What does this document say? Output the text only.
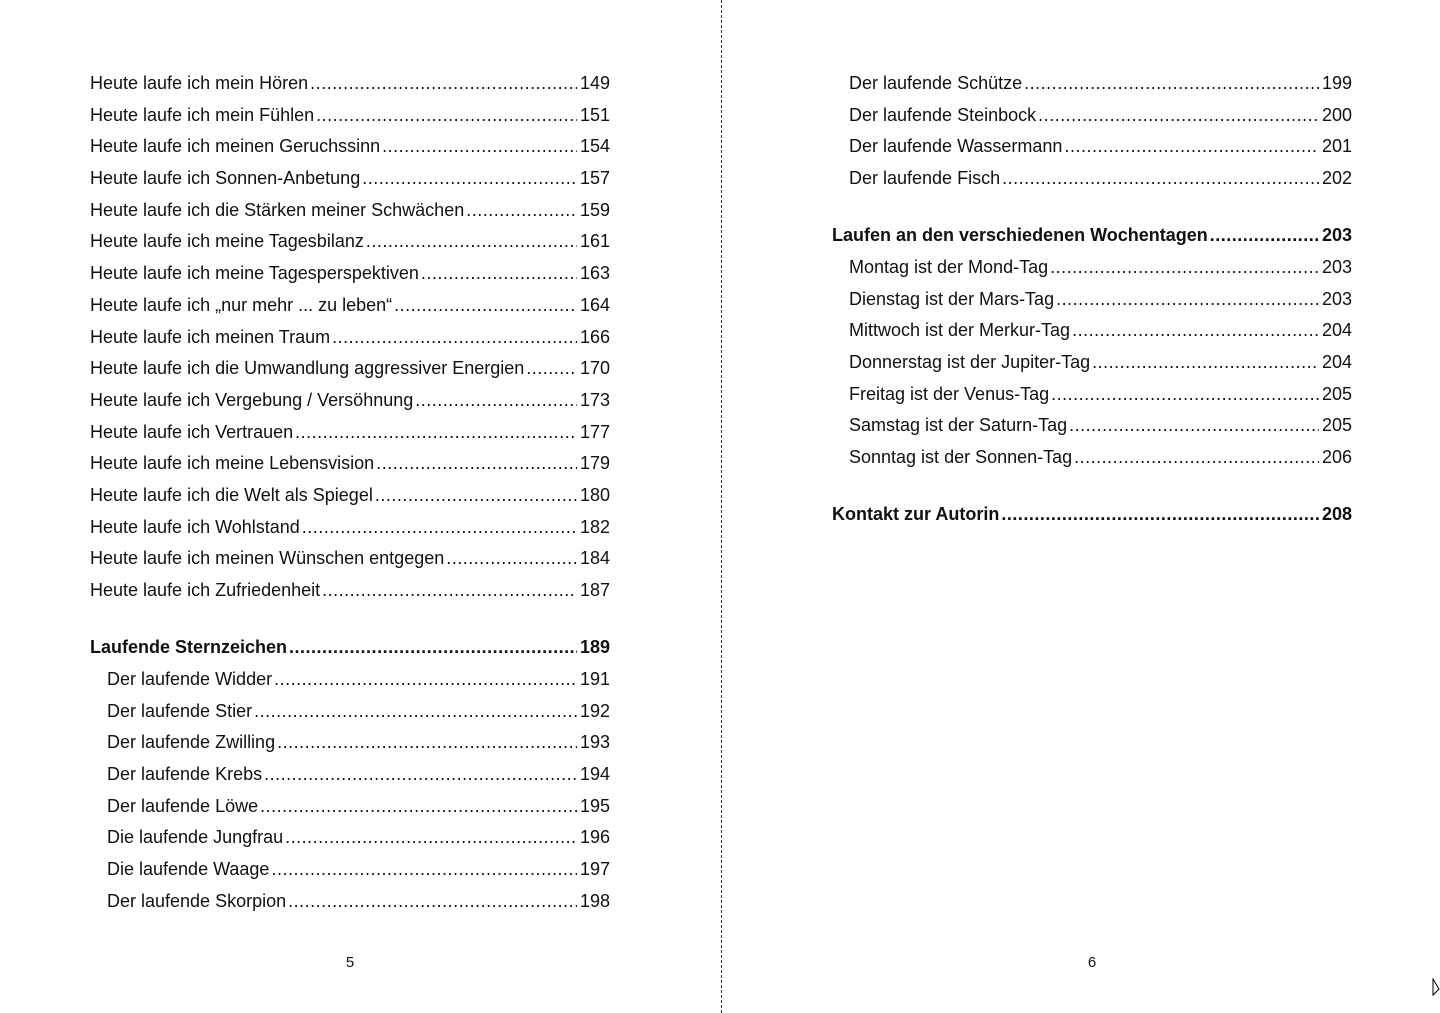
Heute laufe ich mein Hören .....	149
Heute laufe ich mein Fühlen .....	151
Heute laufe ich meinen Geruchssinn .....	154
Heute laufe ich Sonnen-Anbetung .....	157
Heute laufe ich die Stärken meiner Schwächen .....	159
Heute laufe ich meine Tagesbilanz .....	161
Heute laufe ich meine Tagesperspektiven .....	163
Heute laufe ich „nur mehr ... zu leben“ .....	164
Heute laufe ich meinen Traum .....	166
Heute laufe ich die Umwandlung aggressiver Energien .....	170
Heute laufe ich Vergebung / Versöhnung .....	173
Heute laufe ich Vertrauen .....	177
Heute laufe ich meine Lebensvision .....	179
Heute laufe ich die Welt als Spiegel .....	180
Heute laufe ich Wohlstand .....	182
Heute laufe ich meinen Wünschen entgegen .....	184
Heute laufe ich Zufriedenheit .....	187
Laufende Sternzeichen .....	189
Der laufende Widder .....	191
Der laufende Stier .....	192
Der laufende Zwilling .....	193
Der laufende Krebs .....	194
Der laufende Löwe .....	195
Die laufende Jungfrau .....	196
Die laufende Waage .....	197
Der laufende Skorpion .....	198
5
Der laufende Schütze .....	199
Der laufende Steinbock .....	200
Der laufende Wassermann .....	201
Der laufende Fisch .....	202
Laufen an den verschiedenen Wochentagen .....	203
Montag ist der Mond-Tag .....	203
Dienstag ist der Mars-Tag .....	203
Mittwoch ist der Merkur-Tag .....	204
Donnerstag ist der Jupiter-Tag .....	204
Freitag ist der Venus-Tag .....	205
Samstag ist der Saturn-Tag .....	205
Sonntag ist der Sonnen-Tag .....	206
Kontakt zur Autorin .....	208
6
